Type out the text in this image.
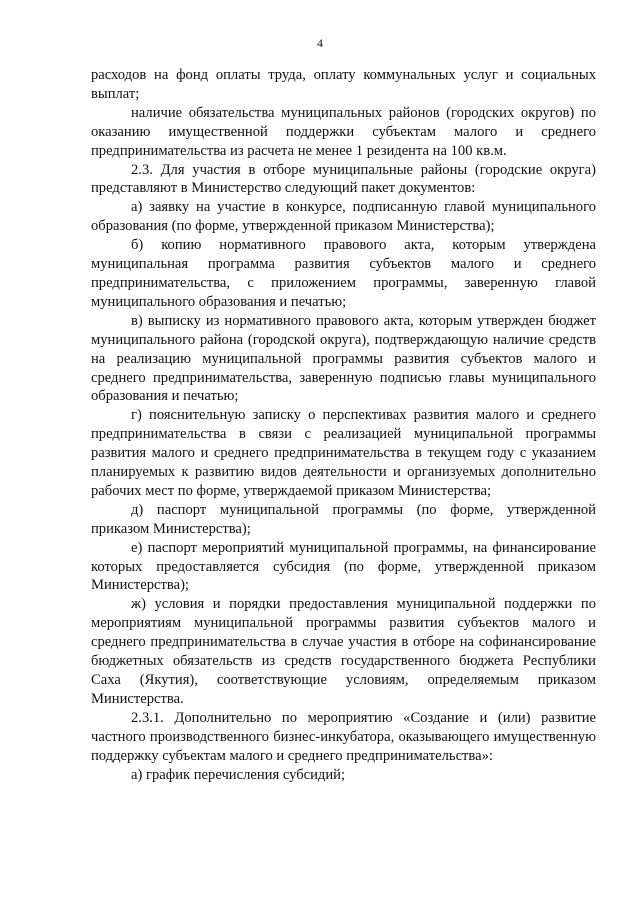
4

расходов на фонд оплаты труда, оплату коммунальных услуг и социальных выплат;

наличие обязательства муниципальных районов (городских округов) по оказанию имущественной поддержки субъектам малого и среднего предпринимательства из расчета не менее 1 резидента на 100 кв.м.

2.3. Для участия в отборе муниципальные районы (городские округа) представляют в Министерство следующий пакет документов:

а) заявку на участие в конкурсе, подписанную главой муниципального образования (по форме, утвержденной приказом Министерства);

б) копию нормативного правового акта, которым утверждена муниципальная программа развития субъектов малого и среднего предпринимательства, с приложением программы, заверенную главой муниципального образования и печатью;

в) выписку из нормативного правового акта, которым утвержден бюджет муниципального района (городской округа), подтверждающую наличие средств на реализацию муниципальной программы развития субъектов малого и среднего предпринимательства, заверенную подписью главы муниципального образования и печатью;

г) пояснительную записку о перспективах развития малого и среднего предпринимательства в связи с реализацией муниципальной программы развития малого и среднего предпринимательства в текущем году с указанием планируемых к развитию видов деятельности и организуемых дополнительно рабочих мест по форме, утверждаемой приказом Министерства;

д) паспорт муниципальной программы (по форме, утвержденной приказом Министерства);

е) паспорт мероприятий муниципальной программы, на финансирование которых предоставляется субсидия (по форме, утвержденной приказом Министерства);

ж) условия и порядки предоставления муниципальной поддержки по мероприятиям муниципальной программы развития субъектов малого и среднего предпринимательства в случае участия в отборе на софинансирование бюджетных обязательств из средств государственного бюджета Республики Саха (Якутия), соответствующие условиям, определяемым приказом Министерства.

2.3.1. Дополнительно по мероприятию «Создание и (или) развитие частного производственного бизнес-инкубатора, оказывающего имущественную поддержку субъектам малого и среднего предпринимательства»:

а) график перечисления субсидий;
